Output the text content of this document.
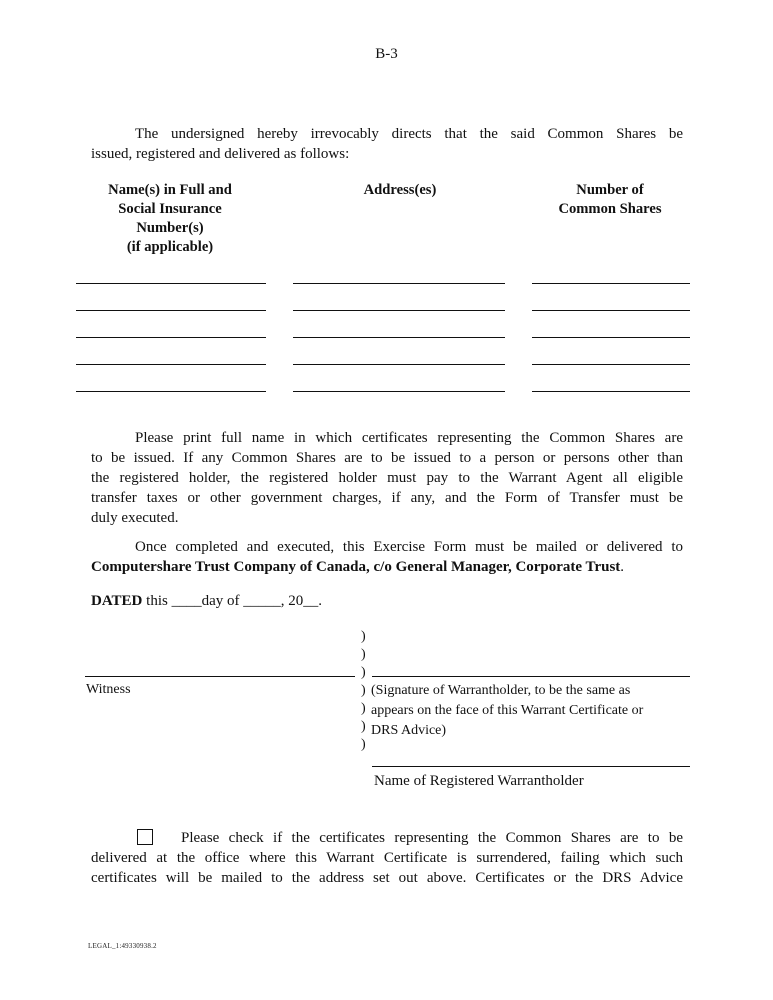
B-3
The undersigned hereby irrevocably directs that the said Common Shares be
issued, registered and delivered as follows:
Name(s) in Full and
Social Insurance
Number(s)
(if applicable)
Address(es)	Number of
Common Shares
Please print full name in which certificates representing the Common Shares are
to be issued. If any Common Shares are to be issued to a person or persons other than
the registered holder, the registered holder must pay to the Warrant Agent all eligible
transfer taxes or other government charges, if any, and the Form of Transfer must be
duly executed.
Once completed and executed, this Exercise Form must be mailed or delivered to
Computershare Trust Company of Canada, c/o General Manager, Corporate Trust.
DATED this ____day of _____, 20__.
Witness
)
)
)
)
)
)
)
(Signature of Warrantholder, to be the same as
appears on the face of this Warrant Certificate or
DRS Advice)
Name of Registered Warrantholder
Please check if the certificates representing the Common Shares are to be
delivered at the office where this Warrant Certificate is surrendered, failing which such
certificates will be mailed to the address set out above. Certificates or the DRS Advice
LEGAL_1:49330938.2
